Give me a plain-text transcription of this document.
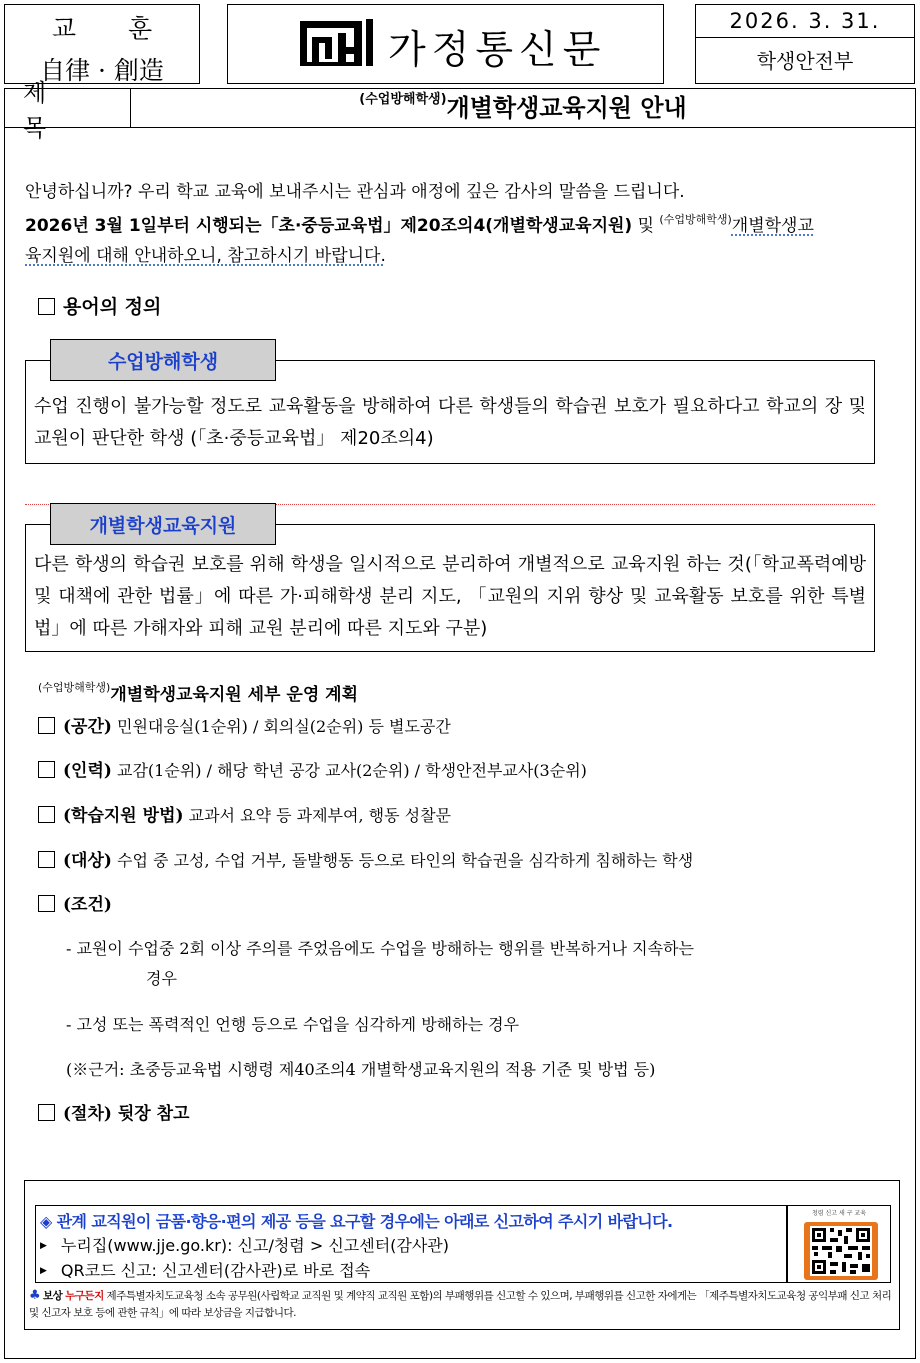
교 훈
自律 · 創造	가정통신문
2026. 3. 31.
학생안전부
제 목
$^{(수업방해학생)}$개별학생교육지원 안내
안녕하십니까? 우리 학교 교육에 보내주시는 관심과 애정에 깊은 감사의 말씀을 드립니다.
2026년 3월 1일부터 시행되는「초·중등교육법」제20조의4(개별학생교육지원) 및 $^{(수업방해학생)}$개별학생교
육지원에 대해 안내하오니, 참고하시기 바랍니다.
용어의 정의
수업 진행이 불가능할 정도로 교육활동을 방해하여 다른 학생들의 학습권 보호가 필요하다고 학교의 장 및 교원이 판단한 학생 (「초·중등교육법」 제20조의4)
수업방해학생
다른 학생의 학습권 보호를 위해 학생을 일시적으로 분리하여 개별적으로 교육지원 하는 것(「학교폭력예방 및 대책에 관한 법률」에 따른 가·피해학생 분리 지도, 「교원의 지위 향상 및 교육활동 보호를 위한 특별법」에 따른 가해자와 피해 교원 분리에 따른 지도와 구분)
개별학생교육지원
$^{(수업방해학생)}$개별학생교육지원 세부 운영 계획
(공간) 민원대응실(1순위) / 회의실(2순위) 등 별도공간
(인력) 교감(1순위) / 해당 학년 공강 교사(2순위) / 학생안전부교사(3순위)
(학습지원 방법) 교과서 요약 등 과제부여, 행동 성찰문
(대상) 수업 중 고성, 수업 거부, 돌발행동 등으로 타인의 학습권을 심각하게 침해하는 학생
(조건)
- 교원이 수업중 2회 이상 주의를 주었음에도 수업을 방해하는 행위를 반복하거나 지속하는
경우
- 고성 또는 폭력적인 언행 등으로 수업을 심각하게 방해하는 경우
(※근거: 초중등교육법 시행령 제40조의4 개별학생교육지원의 적용 기준 및 방법 등)
(절차) 뒷장 참고
◈ 관계 교직원이 금품·향응·편의 제공 등을 요구할 경우에는 아래로 신고하여 주시기 바랍니다.
▶ 누리집(www.jje.go.kr): 신고/청렴 > 신고센터(감사관)
▶ QR코드 신고: 신고센터(감사관)로 바로 접속
청렴 신고 새 구 교육
♣ 보상 누구든지 제주특별자치도교육청 소속 공무원(사립학교 교직원 및 계약직 교직원 포함)의 부패행위를 신고할 수 있으며, 부패행위를 신고한 자에게는 「제주특별자치도교육청 공익부패 신고 처리 및 신고자 보호 등에 관한 규칙」에 따라 보상금을 지급합니다.
